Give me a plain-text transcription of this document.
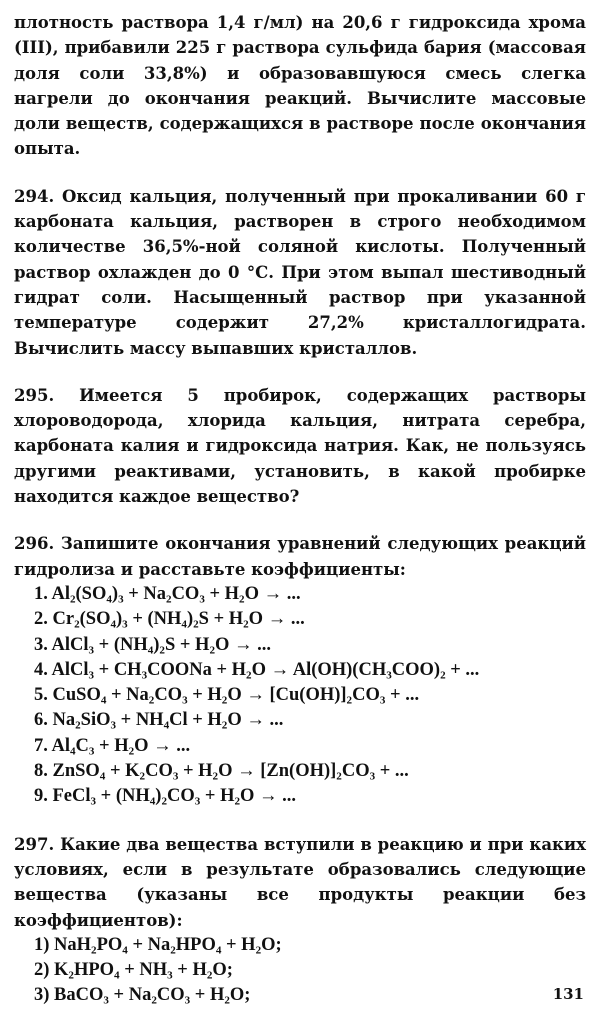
плотность раствора 1,4 г/мл) на 20,6 г гидроксида хрома (III), прибавили 225 г раствора сульфида бария (массовая доля соли 33,8%) и образовавшуюся смесь слегка нагрели до окончания реакций. Вычислите массовые доли веществ, содержащихся в растворе после окончания опыта.

294. Оксид кальция, полученный при прокаливании 60 г карбоната кальция, растворен в строго необходимом количестве 36,5%-ной соляной кислоты. Полученный раствор охлажден до 0 °С. При этом выпал шестиводный гидрат соли. Насыщенный раствор при указанной температуре содержит 27,2% кристаллогидрата. Вычислить массу выпавших кристаллов.

295. Имеется 5 пробирок, содержащих растворы хлороводорода, хлорида кальция, нитрата серебра, карбоната калия и гидроксида натрия. Как, не пользуясь другими реактивами, установить, в какой пробирке находится каждое вещество?

296. Запишите окончания уравнений следующих реакций гидролиза и расставьте коэффициенты:

1. Al₂(SO₄)₃ + Na₂CO₃ + H₂O → ...
2. Cr₂(SO₄)₃ + (NH₄)₂S + H₂O → ...
3. AlCl₃ + (NH₄)₂S + H₂O → ...
4. AlCl₃ + CH₃COONa + H₂O → Al(OH)(CH₃COO)₂ + ...
5. CuSO₄ + Na₂CO₃ + H₂O → [Cu(OH)]₂CO₃ + ...
6. Na₂SiO₃ + NH₄Cl + H₂O → ...
7. Al₄C₃ + H₂O → ...
8. ZnSO₄ + K₂CO₃ + H₂O → [Zn(OH)]₂CO₃ + ...
9. FeCl₃ + (NH₄)₂CO₃ + H₂O → ...

297. Какие два вещества вступили в реакцию и при каких условиях, если в результате образовались следующие вещества (указаны все продукты реакции без коэффициентов):

1) NaH₂PO₄ + Na₂HPO₄ + H₂O;
2) K₂HPO₄ + NH₃ + H₂O;
3) BaCO₃ + Na₂CO₃ + H₂O;	131
